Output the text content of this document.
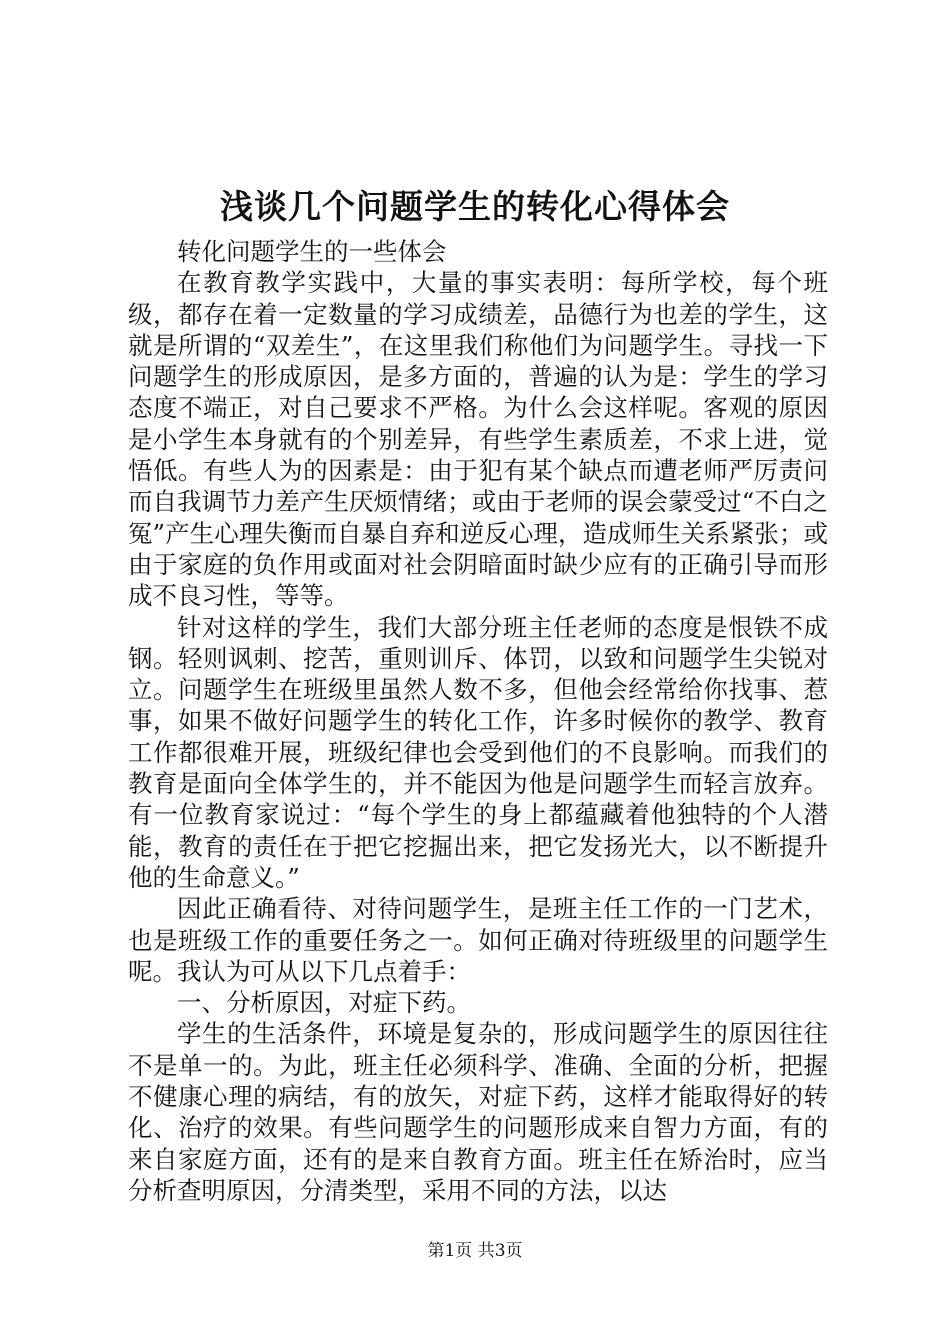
浅谈几个问题学生的转化心得体会

转化问题学生的一些体会

在教育教学实践中，大量的事实表明：每所学校，每个班级，都存在着一定数量的学习成绩差，品德行为也差的学生，这就是所谓的“双差生”，在这里我们称他们为问题学生。寻找一下问题学生的形成原因，是多方面的，普遍的认为是：学生的学习态度不端正，对自己要求不严格。为什么会这样呢。客观的原因是小学生本身就有的个别差异，有些学生素质差，不求上进，觉悟低。有些人为的因素是：由于犯有某个缺点而遭老师严厉责问而自我调节力差产生厌烦情绪；或由于老师的误会蒙受过“不白之冤”产生心理失衡而自暴自弃和逆反心理，造成师生关系紧张；或由于家庭的负作用或面对社会阴暗面时缺少应有的正确引导而形成不良习性，等等。

针对这样的学生，我们大部分班主任老师的态度是恨铁不成钢。轻则讽刺、挖苦，重则训斥、体罚，以致和问题学生尖锐对立。问题学生在班级里虽然人数不多，但他会经常给你找事、惹事，如果不做好问题学生的转化工作，许多时候你的教学、教育工作都很难开展，班级纪律也会受到他们的不良影响。而我们的教育是面向全体学生的，并不能因为他是问题学生而轻言放弃。有一位教育家说过：“每个学生的身上都蕴藏着他独特的个人潜能，教育的责任在于把它挖掘出来，把它发扬光大，以不断提升他的生命意义。”

因此正确看待、对待问题学生，是班主任工作的一门艺术，也是班级工作的重要任务之一。如何正确对待班级里的问题学生呢。我认为可从以下几点着手：

一、分析原因，对症下药。

学生的生活条件，环境是复杂的，形成问题学生的原因往往不是单一的。为此，班主任必须科学、准确、全面的分析，把握不健康心理的病结，有的放矢，对症下药，这样才能取得好的转化、治疗的效果。有些问题学生的问题形成来自智力方面，有的来自家庭方面，还有的是来自教育方面。班主任在矫治时，应当分析查明原因，分清类型，采用不同的方法，以达

第1页 共3页
